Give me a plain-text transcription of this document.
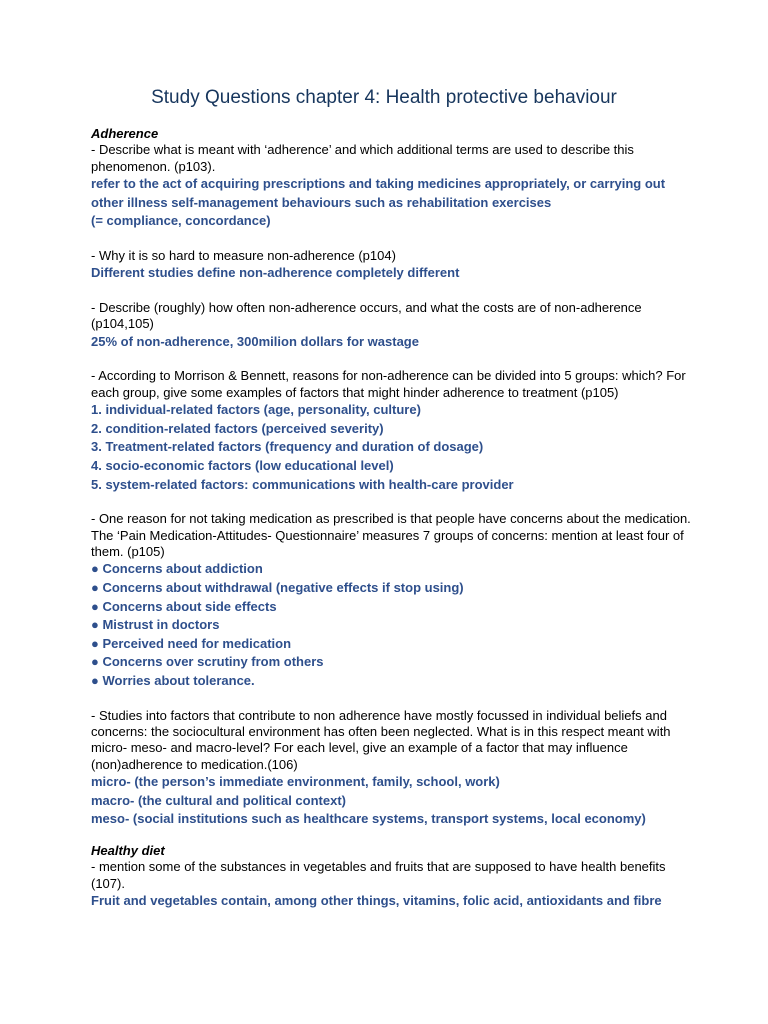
Study Questions chapter 4: Health protective behaviour

Adherence

- Describe what is meant with ‘adherence’ and which additional terms are used to describe this phenomenon. (p103).

refer to the act of acquiring prescriptions and taking medicines appropriately, or carrying out other illness self-management behaviours such as rehabilitation exercises

(= compliance, concordance)

- Why it is so hard to measure non-adherence (p104)

Different studies define non-adherence completely different

- Describe (roughly) how often non-adherence occurs, and what the costs are of non-adherence (p104,105)

25% of non-adherence, 300milion dollars for wastage

- According to Morrison & Bennett, reasons for non-adherence can be divided into 5 groups: which? For each group, give some examples of factors that might hinder adherence to treatment (p105)

1. individual-related factors (age, personality, culture)

2. condition-related factors (perceived severity)

3. Treatment-related factors (frequency and duration of dosage)

4. socio-economic factors (low educational level)

5. system-related factors: communications with health-care provider

- One reason for not taking medication as prescribed is that people have concerns about the medication. The ‘Pain Medication-Attitudes- Questionnaire’ measures 7 groups of concerns: mention at least four of them. (p105)

● Concerns about addiction

● Concerns about withdrawal (negative effects if stop using)

● Concerns about side effects

● Mistrust in doctors

● Perceived need for medication

● Concerns over scrutiny from others

● Worries about tolerance.

- Studies into factors that contribute to non adherence have mostly focussed in individual beliefs and concerns: the sociocultural environment has often been neglected. What is in this respect meant with micro- meso- and macro-level? For each level, give an example of a factor that may influence (non)adherence to medication.(106)

micro- (the person’s immediate environment, family, school, work)

macro- (the cultural and political context)

meso- (social institutions such as healthcare systems, transport systems, local economy)

Healthy diet

- mention some of the substances in vegetables and fruits that are supposed to have health benefits (107).

Fruit and vegetables contain, among other things, vitamins, folic acid, antioxidants and fibre
